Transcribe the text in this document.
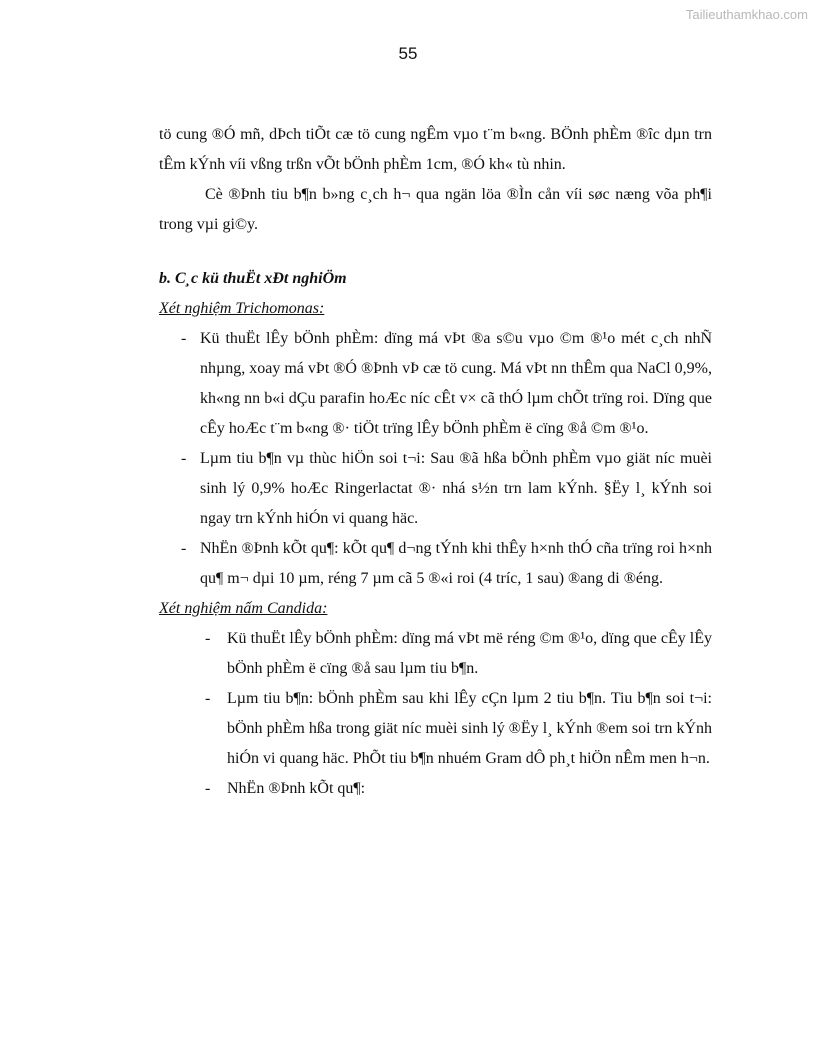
Tailieuthamkhao.com
55

tö cung ®Ó mñ, dÞch tiÕt cæ tö cung ngÊm vµo t¨m b«ng. BÖnh phÈm ®îc dµn trn tÊm kÝnh víi vßng trßn vÕt bÖnh phÈm 1cm, ®Ó kh« tù nhin.

Cè ®Þnh tiu b¶n b»ng c¸ch h¬ qua ngän löa ®Ìn cån víi søc næng võa ph¶i trong vµi gi©y.

b. C¸c kü thuËt xÐt nghiÖm

Xét nghiệm Trichomonas:

- Kü thuËt lÊy bÖnh phÈm: dïng má vÞt ®a s©u vµo ©m ®¹o mét c¸ch nhÑ nhµng, xoay má vÞt ®Ó ®Þnh vÞ cæ tö cung. Má vÞt nn thÊm qua NaCl 0,9%, kh«ng nn b«i dÇu parafin hoÆc níc cÊt v× cã thÓ lµm chÕt trïng roi. Dïng que cÊy hoÆc t¨m b«ng ®· tiÖt trïng lÊy bÖnh phÈm ë cïng ®å ©m ®¹o.
- Lµm tiu b¶n vµ thùc hiÖn soi t¬i: Sau ®ã hßa bÖnh phÈm vµo giät níc muèi sinh lý 0,9% hoÆc Ringerlactat ®· nhá s½n trn lam kÝnh. §Ëy l¸ kÝnh soi ngay trn kÝnh hiÓn vi quang häc.
- NhËn ®Þnh kÕt qu¶: kÕt qu¶ d¬ng tÝnh khi thÊy h×nh thÓ cña trïng roi h×nh qu¶ m¬ dµi 10 µm, réng 7 µm cã 5 ®«i roi (4 tríc, 1 sau) ®ang di ®éng.

Xét nghiệm nấm Candida:

- Kü thuËt lÊy bÖnh phÈm: dïng má vÞt më réng ©m ®¹o, dïng que cÊy lÊy bÖnh phÈm ë cïng ®å sau lµm tiu b¶n.
- Lµm tiu b¶n: bÖnh phÈm sau khi lÊy cÇn lµm 2 tiu b¶n. Tiu b¶n soi t¬i: bÖnh phÈm hßa trong giät níc muèi sinh lý ®Ëy l¸ kÝnh ®em soi trn kÝnh hiÓn vi quang häc. PhÕt tiu b¶n nhuém Gram dÔ ph¸t hiÖn nÊm men h¬n.
- NhËn ®Þnh kÕt qu¶:
